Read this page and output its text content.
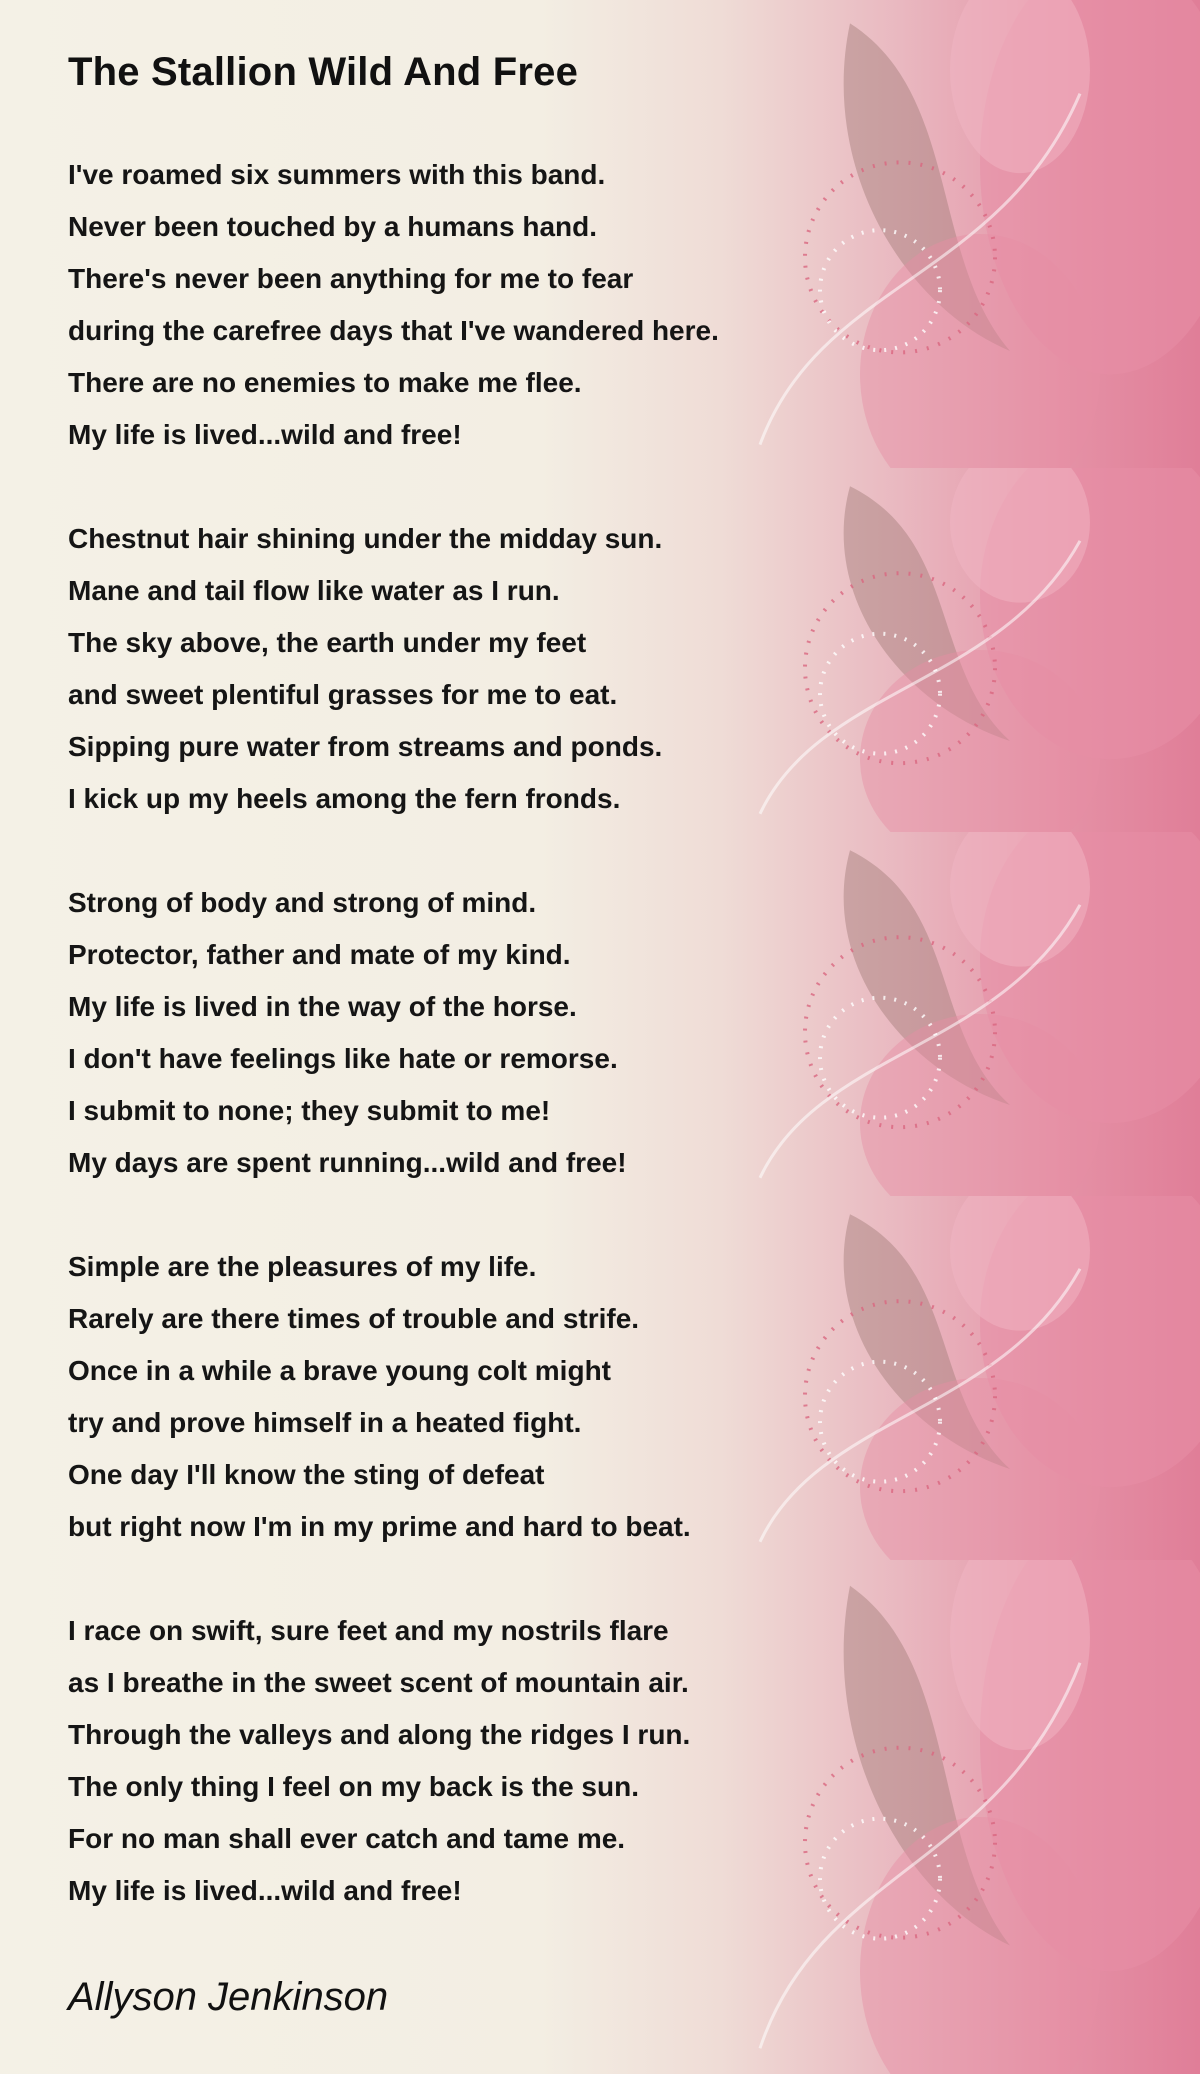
The Stallion Wild And Free
I've roamed six summers with this band.
Never been touched by a humans hand.
There's never been anything for me to fear
during the carefree days that I've wandered here.
There are no enemies to make me flee.
My life is lived...wild and free!
Chestnut hair shining under the midday sun.
Mane and tail flow like water as I run.
The sky above, the earth under my feet
and sweet plentiful grasses for me to eat.
Sipping pure water from streams and ponds.
I kick up my heels among the fern fronds.
Strong of body and strong of mind.
Protector, father and mate of my kind.
My life is lived in the way of the horse.
I don't have feelings like hate or remorse.
I submit to none; they submit to me!
My days are spent running...wild and free!
Simple are the pleasures of my life.
Rarely are there times of trouble and strife.
Once in a while a brave young colt might
try and prove himself in a heated fight.
One day I'll know the sting of defeat
but right now I'm in my prime and hard to beat.
I race on swift, sure feet and my nostrils flare
as I breathe in the sweet scent of mountain air.
Through the valleys and along the ridges I run.
The only thing I feel on my back is the sun.
For no man shall ever catch and tame me.
My life is lived...wild and free!

Allyson Jenkinson
